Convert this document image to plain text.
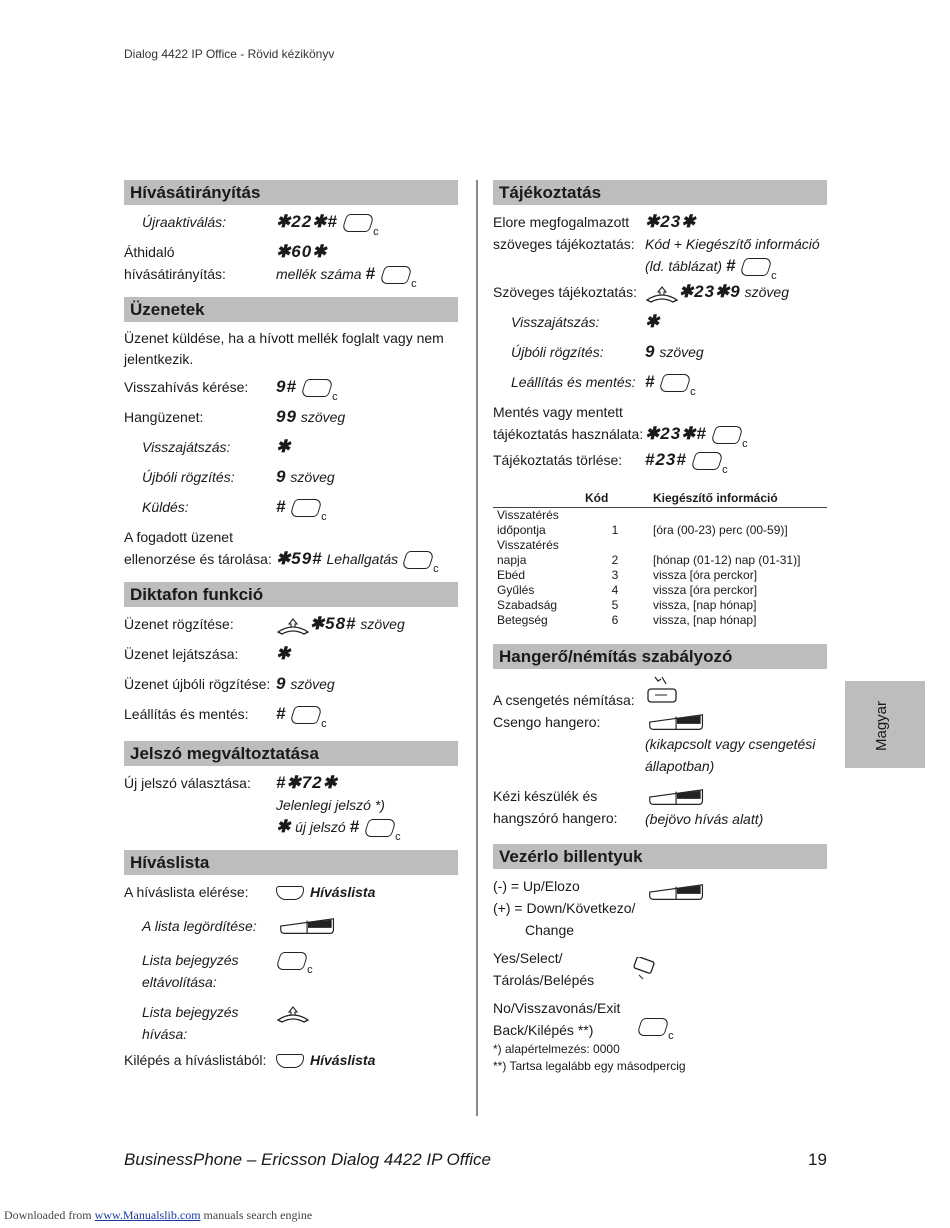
Dialog 4422 IP Office - Rövid kézikönyv
Hívásátirányítás
Újraaktiválás:	✱22✱#c
Áthidaló hívásátirányítás:
✱60✱
mellék száma #c
Üzenetek
Üzenet küldése, ha a hívott mellék foglalt vagy nem jelentkezik.
Visszahívás kérése:	9#c
Hangüzenet:	99 szöveg
Visszajátszás:	✱
Újbóli rögzítés:	9 szöveg
Küldés:	#c
A fogadott üzenet ellenorzése és tárolása: ✱59# Lehallgatásc
Diktafon funkció
Üzenet rögzítése:	✱58# szöveg
Üzenet lejátszása:	✱
Üzenet újbóli rögzítése: 9 szöveg
Leállítás és mentés:	#c
Jelszó megváltoztatása
Új jelszó választása:	#✱72✱
Jelenlegi jelszó *)
✱ új jelszó #c
Híváslista
A híváslista elérése:	Híváslista
A lista legördítése:
Lista bejegyzés eltávolítása:
c
Lista bejegyzés hívása:
Kilépés a híváslistából:	Híváslista
Tájékoztatás
Elore megfogalmazott szöveges tájékoztatás:
✱23✱
Kód + Kiegészítő információ (ld. táblázat) #c
Szöveges tájékoztatás:	✱23✱9 szöveg
Visszajátszás:	✱
Újbóli rögzítés:	9 szöveg
Leállítás és mentés: #c
Mentés vagy mentett tájékoztatás használata: ✱23✱#c
Tájékoztatás törlése:	#23#c
	Kód	Kiegészítő információ
Visszatérés időpontja	1	[óra (00-23) perc (00-59)]
Visszatérés napja	2	[hónap (01-12) nap (01-31)]
Ebéd	3	vissza [óra perckor]
Gyűlés	4	vissza [óra perckor]
Szabadság	5	vissza, [nap hónap]
Betegség	6	vissza, [nap hónap]
Hangerő/némítás szabályozó
A csengetés némítása:
Csengo hangero:

(kikapcsolt vagy csengetési állapotban)
Kézi készülék és hangszóró hangero:	(bejövo hívás alatt)
Vezérlo billentyuk
(-) = Up/Elozo
(+) = Down/Következo/
Change
Yes/Select/ Tárolás/Belépés
No/Visszavonás/Exit Back/Kilépés **)
c
*) alapértelmezés: 0000
**) Tartsa legalább egy másodpercig
Magyar
BusinessPhone – Ericsson Dialog 4422 IP Office	19
Downloaded from www.Manualslib.com manuals search engine
